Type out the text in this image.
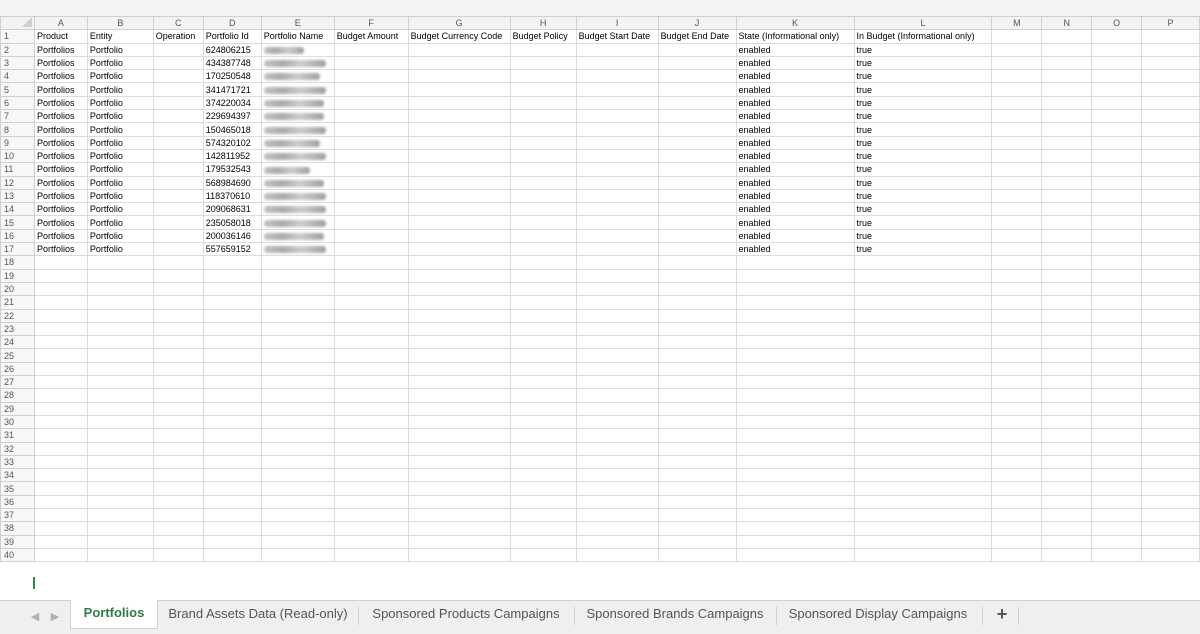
	A	B	C	D	E	F	G	H	I	J	K	L	M	N	O	P
1	Product	Entity	Operation	Portfolio Id	Portfolio Name	Budget Amount	Budget Currency Code	Budget Policy	Budget Start Date	Budget End Date	State (Informational only)	In Budget (Informational only)				
2	Portfolios	Portfolio		624806215							enabled	true				
3	Portfolios	Portfolio		434387748							enabled	true				
4	Portfolios	Portfolio		170250548							enabled	true				
5	Portfolios	Portfolio		341471721							enabled	true				
6	Portfolios	Portfolio		374220034							enabled	true				
7	Portfolios	Portfolio		229694397							enabled	true				
8	Portfolios	Portfolio		150465018							enabled	true				
9	Portfolios	Portfolio		574320102							enabled	true				
10	Portfolios	Portfolio		142811952							enabled	true				
11	Portfolios	Portfolio		179532543							enabled	true				
12	Portfolios	Portfolio		568984690							enabled	true				
13	Portfolios	Portfolio		118370610							enabled	true				
14	Portfolios	Portfolio		209068631							enabled	true				
15	Portfolios	Portfolio		235058018							enabled	true				
16	Portfolios	Portfolio		200036146							enabled	true				
17	Portfolios	Portfolio		557659152							enabled	true				
18																
19																
20																
21																
22																
23																
24																
25																
26																
27																
28																
29																
30																
31																
32																
33																
34																
35																
36																
37																
38																
39																
40																
◀ ▶	Portfolios	Brand Assets Data (Read-only)	Sponsored Products Campaigns	Sponsored Brands Campaigns	Sponsored Display Campaigns	+
